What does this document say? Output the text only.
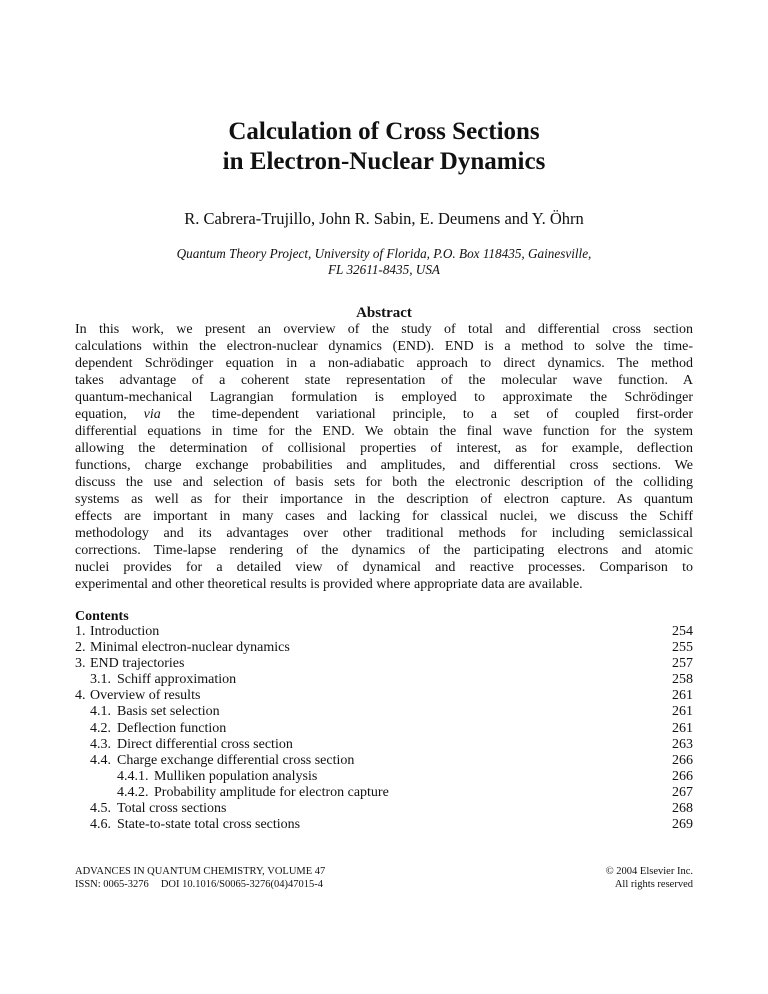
Calculation of Cross Sections
in Electron-Nuclear Dynamics
R. Cabrera-Trujillo, John R. Sabin, E. Deumens and Y. Öhrn
Quantum Theory Project, University of Florida, P.O. Box 118435, Gainesville,
FL 32611-8435, USA
Abstract
In this work, we present an overview of the study of total and differential cross section
calculations within the electron-nuclear dynamics (END). END is a method to solve the time-
dependent Schrödinger equation in a non-adiabatic approach to direct dynamics. The method
takes advantage of a coherent state representation of the molecular wave function. A
quantum-mechanical Lagrangian formulation is employed to approximate the Schrödinger
equation, via the time-dependent variational principle, to a set of coupled first-order
differential equations in time for the END. We obtain the final wave function for the system
allowing the determination of collisional properties of interest, as for example, deflection
functions, charge exchange probabilities and amplitudes, and differential cross sections. We
discuss the use and selection of basis sets for both the electronic description of the colliding
systems as well as for their importance in the description of electron capture. As quantum
effects are important in many cases and lacking for classical nuclei, we discuss the Schiff
methodology and its advantages over other traditional methods for including semiclassical
corrections. Time-lapse rendering of the dynamics of the participating electrons and atomic
nuclei provides for a detailed view of dynamical and reactive processes. Comparison to
experimental and other theoretical results is provided where appropriate data are available.
Contents
1. Introduction	254
2. Minimal electron-nuclear dynamics	255
3. END trajectories	257
3.1. Schiff approximation	258
4. Overview of results	261
4.1. Basis set selection	261
4.2. Deflection function	261
4.3. Direct differential cross section	263
4.4. Charge exchange differential cross section	266
4.4.1. Mulliken population analysis	266
4.4.2. Probability amplitude for electron capture	267
4.5. Total cross sections	268
4.6. State-to-state total cross sections	269
ADVANCES IN QUANTUM CHEMISTRY, VOLUME 47
ISSN: 0065-3276 DOI 10.1016/S0065-3276(04)47015-4
© 2004 Elsevier Inc.
All rights reserved
